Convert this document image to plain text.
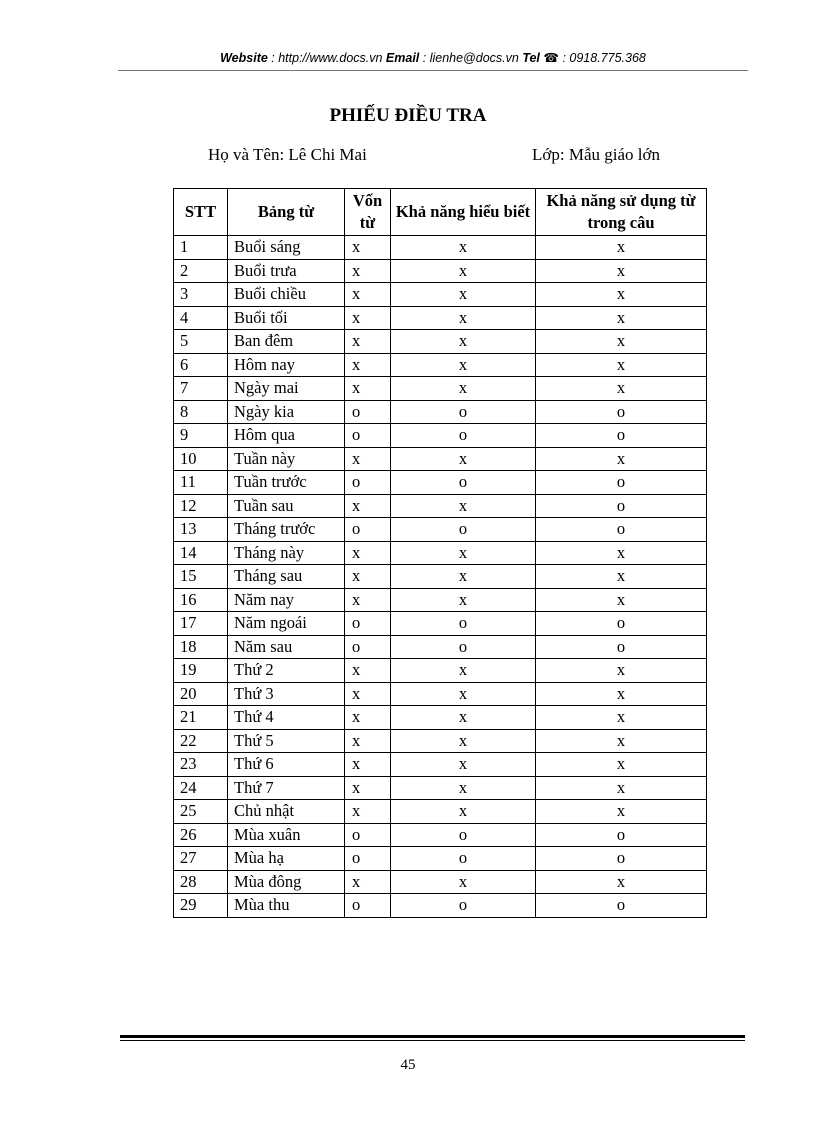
Website : http://www.docs.vn Email : lienhe@docs.vn Tel ☎ : 0918.775.368
PHIẾU ĐIỀU TRA
Họ và Tên: Lê Chi Mai	Lớp: Mẫu giáo lớn
STT	Bảng từ	Vốn từ	Khả năng hiểu biết	Khả năng sử dụng từ trong câu
1	Buổi sáng	x	x	x
2	Buổi trưa	x	x	x
3	Buổi chiều	x	x	x
4	Buổi tối	x	x	x
5	Ban đêm	x	x	x
6	Hôm nay	x	x	x
7	Ngày mai	x	x	x
8	Ngày kia	o	o	o
9	Hôm qua	o	o	o
10	Tuần này	x	x	x
11	Tuần trước	o	o	o
12	Tuần sau	x	x	o
13	Tháng trước	o	o	o
14	Tháng này	x	x	x
15	Tháng sau	x	x	x
16	Năm nay	x	x	x
17	Năm ngoái	o	o	o
18	Năm sau	o	o	o
19	Thứ 2	x	x	x
20	Thứ 3	x	x	x
21	Thứ 4	x	x	x
22	Thứ 5	x	x	x
23	Thứ 6	x	x	x
24	Thứ 7	x	x	x
25	Chủ nhật	x	x	x
26	Mùa xuân	o	o	o
27	Mùa hạ	o	o	o
28	Mùa đông	x	x	x
29	Mùa thu	o	o	o
45
